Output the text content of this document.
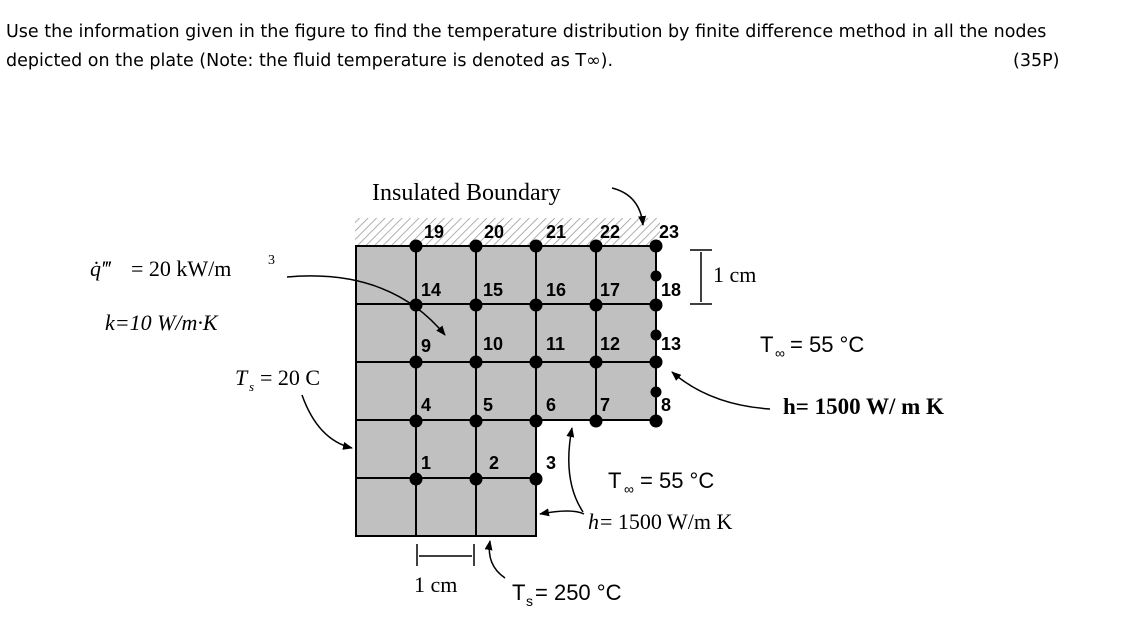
Use the information given in the figure to find the temperature distribution by finite difference method in all the nodes
depicted on the plate (Note: the fluid temperature is denoted as T∞).	(35P)
1	2	3
4	5	6 7	8
9	10 11 12 13
14 15 16 17 18
19 20 21 22 23
Insulated Boundary
1 cm
1 cm
q̇‴ = 20 kW/m	3
k=10 W/m·K
T s = 20 C
T ∞ = 55 °C
h= 1500 W/ m K
T ∞ = 55 °C
h = 1500 W/m K
T s = 250 °C
